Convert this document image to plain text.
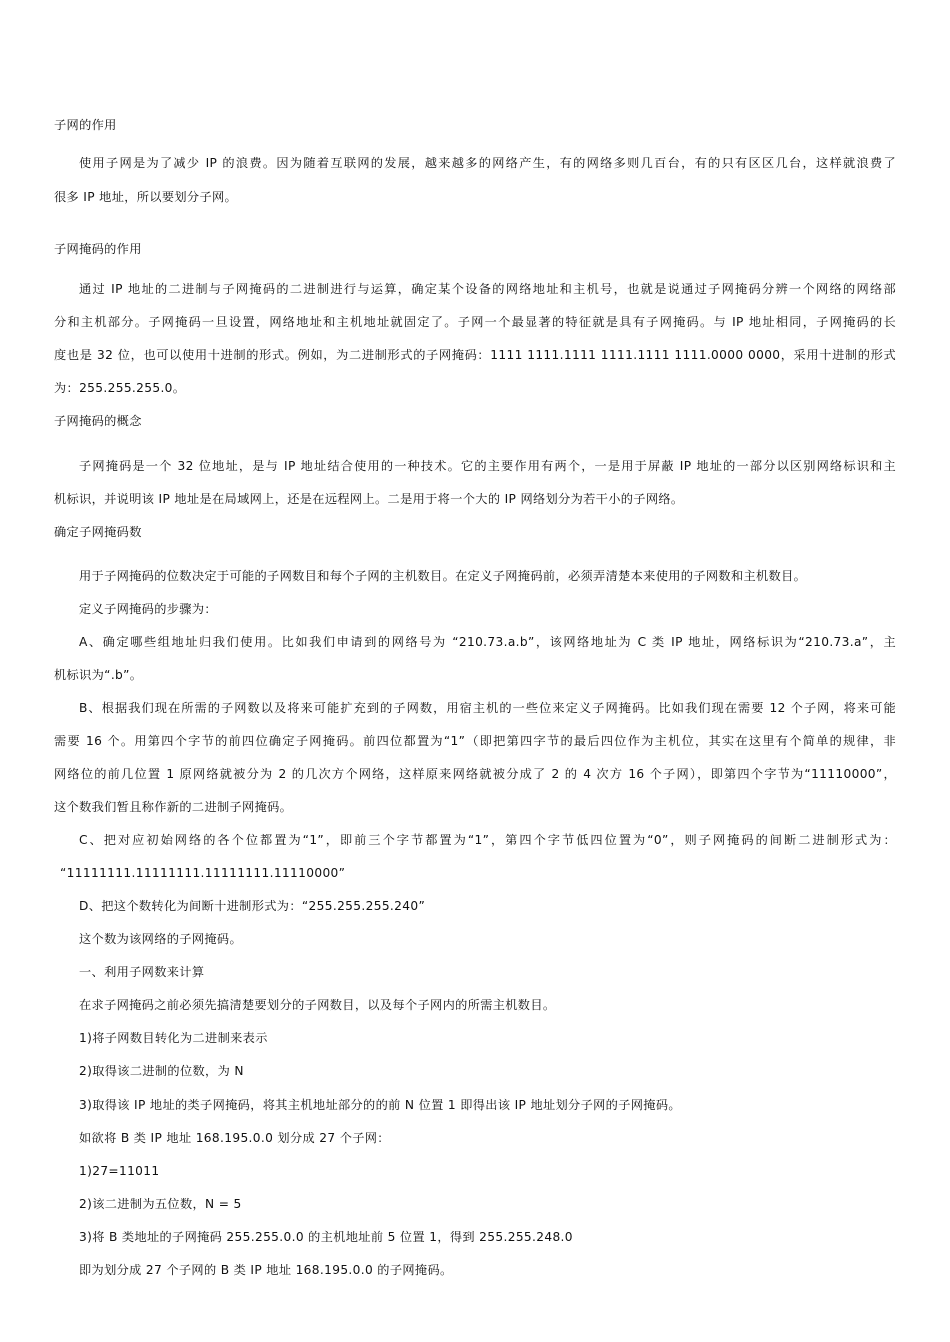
子网的作用
使用子网是为了减少 IP 的浪费。因为随着互联网的发展，越来越多的网络产生，有的网络多则几百台，有的只有区区几台，这样就浪费了
很多 IP 地址，所以要划分子网。
子网掩码的作用
通过 IP 地址的二进制与子网掩码的二进制进行与运算，确定某个设备的网络地址和主机号，也就是说通过子网掩码分辨一个网络的网络部
分和主机部分。子网掩码一旦设置，网络地址和主机地址就固定了。子网一个最显著的特征就是具有子网掩码。与 IP 地址相同，子网掩码的长
度也是 32 位，也可以使用十进制的形式。例如，为二进制形式的子网掩码：1111 1111.1111 1111.1111 1111.0000 0000，采用十进制的形式
为：255.255.255.0。
子网掩码的概念
子网掩码是一个 32 位地址，是与 IP 地址结合使用的一种技术。它的主要作用有两个，一是用于屏蔽 IP 地址的一部分以区别网络标识和主
机标识，并说明该 IP 地址是在局域网上，还是在远程网上。二是用于将一个大的 IP 网络划分为若干小的子网络。
确定子网掩码数
用于子网掩码的位数决定于可能的子网数目和每个子网的主机数目。在定义子网掩码前，必须弄清楚本来使用的子网数和主机数目。
定义子网掩码的步骤为：
A、确定哪些组地址归我们使用。比如我们申请到的网络号为 “210.73.a.b”，该网络地址为 C 类 IP 地址，网络标识为“210.73.a”，主
机标识为“.b”。
B、根据我们现在所需的子网数以及将来可能扩充到的子网数，用宿主机的一些位来定义子网掩码。比如我们现在需要 12 个子网，将来可能
需要 16 个。用第四个字节的前四位确定子网掩码。前四位都置为“1”（即把第四字节的最后四位作为主机位，其实在这里有个简单的规律，非
网络位的前几位置 1 原网络就被分为 2 的几次方个网络，这样原来网络就被分成了 2 的 4 次方 16 个子网），即第四个字节为“11110000”，
这个数我们暂且称作新的二进制子网掩码。
C、把对应初始网络的各个位都置为“1”，即前三个字节都置为“1”，第四个字节低四位置为“0”，则子网掩码的间断二进制形式为：
“11111111.11111111.11111111.11110000”
D、把这个数转化为间断十进制形式为：“255.255.255.240”
这个数为该网络的子网掩码。
一、利用子网数来计算
在求子网掩码之前必须先搞清楚要划分的子网数目，以及每个子网内的所需主机数目。
1)将子网数目转化为二进制来表示
2)取得该二进制的位数，为 N
3)取得该 IP 地址的类子网掩码，将其主机地址部分的的前 N 位置 1 即得出该 IP 地址划分子网的子网掩码。
如欲将 B 类 IP 地址 168.195.0.0 划分成 27 个子网：
1)27=11011
2)该二进制为五位数，N = 5
3)将 B 类地址的子网掩码 255.255.0.0 的主机地址前 5 位置 1，得到 255.255.248.0
即为划分成 27 个子网的 B 类 IP 地址 168.195.0.0 的子网掩码。
